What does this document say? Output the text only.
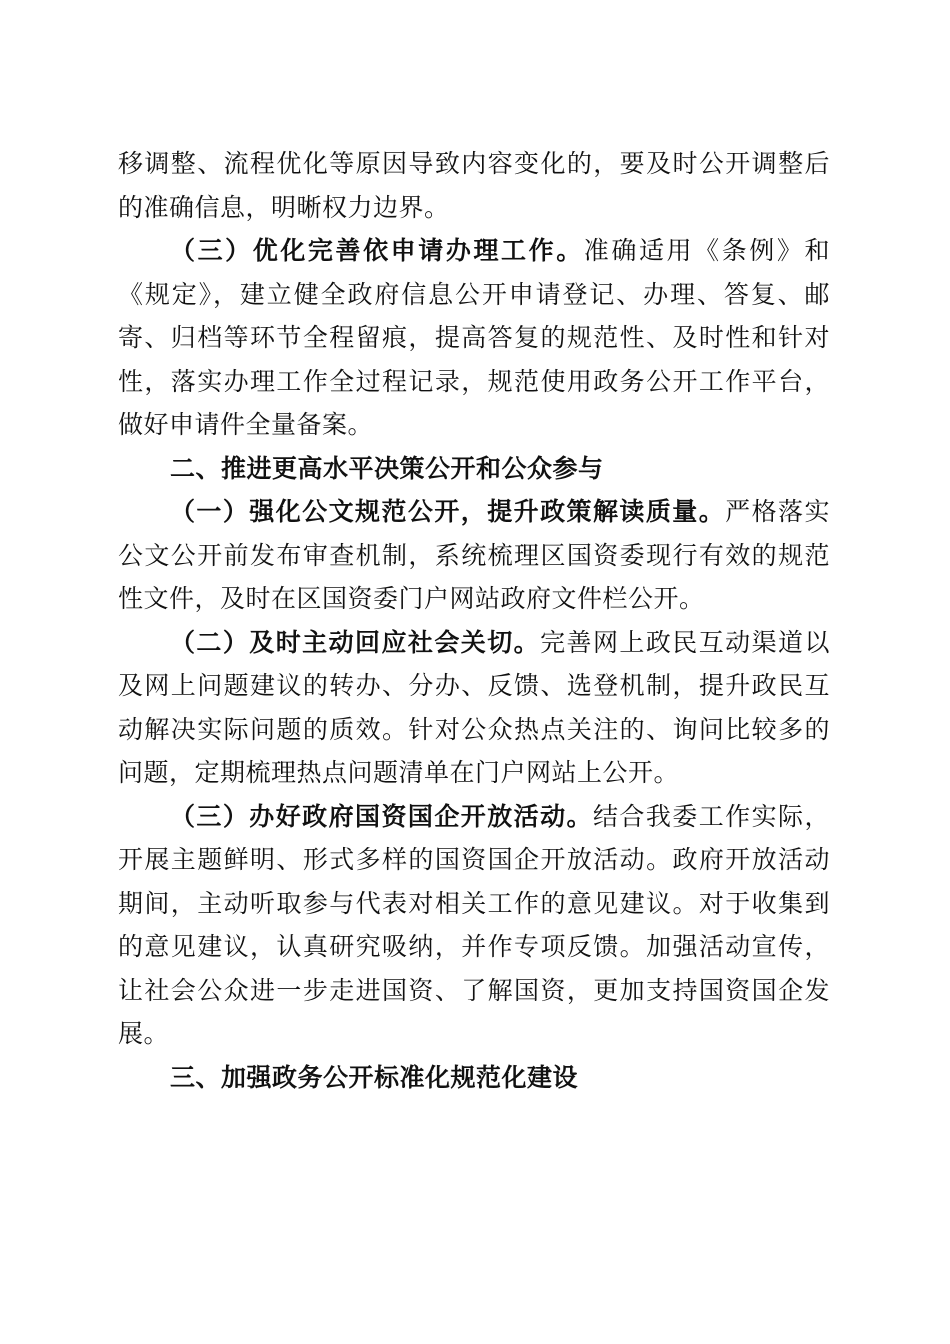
移调整、流程优化等原因导致内容变化的，要及时公开调整后的准确信息，明晰权力边界。

（三）优化完善依申请办理工作。准确适用《条例》和《规定》，建立健全政府信息公开申请登记、办理、答复、邮寄、归档等环节全程留痕，提高答复的规范性、及时性和针对性，落实办理工作全过程记录，规范使用政务公开工作平台，做好申请件全量备案。

二、推进更高水平决策公开和公众参与

（一）强化公文规范公开，提升政策解读质量。严格落实公文公开前发布审查机制，系统梳理区国资委现行有效的规范性文件，及时在区国资委门户网站政府文件栏公开。

（二）及时主动回应社会关切。完善网上政民互动渠道以及网上问题建议的转办、分办、反馈、选登机制，提升政民互动解决实际问题的质效。针对公众热点关注的、询问比较多的问题，定期梳理热点问题清单在门户网站上公开。

（三）办好政府国资国企开放活动。结合我委工作实际，开展主题鲜明、形式多样的国资国企开放活动。政府开放活动期间，主动听取参与代表对相关工作的意见建议。对于收集到的意见建议，认真研究吸纳，并作专项反馈。加强活动宣传，让社会公众进一步走进国资、了解国资，更加支持国资国企发展。

三、加强政务公开标准化规范化建设
